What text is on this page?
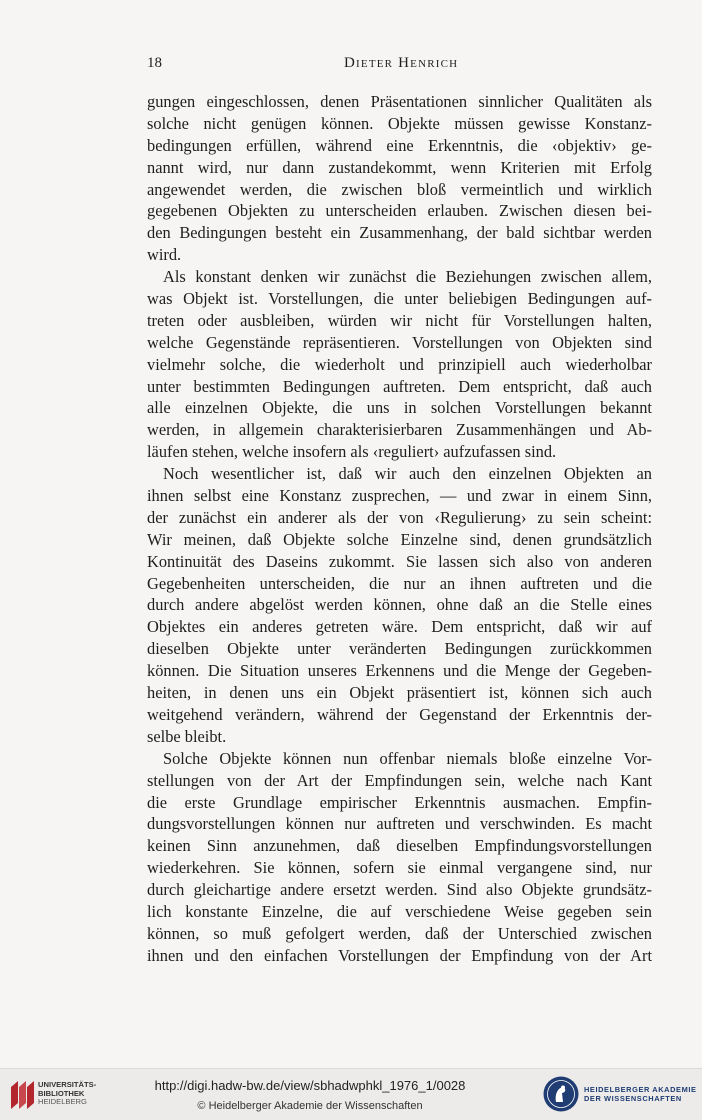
18	Dieter Henrich
gungen eingeschlossen, denen Präsentationen sinnlicher Qualitäten als
solche nicht genügen können. Objekte müssen gewisse Konstanz-
bedingungen erfüllen, während eine Erkenntnis, die ‹objektiv› ge-
nannt wird, nur dann zustandekommt, wenn Kriterien mit Erfolg
angewendet werden, die zwischen bloß vermeintlich und wirklich
gegebenen Objekten zu unterscheiden erlauben. Zwischen diesen bei-
den Bedingungen besteht ein Zusammenhang, der bald sichtbar werden
wird.
Als konstant denken wir zunächst die Beziehungen zwischen allem,
was Objekt ist. Vorstellungen, die unter beliebigen Bedingungen auf-
treten oder ausbleiben, würden wir nicht für Vorstellungen halten,
welche Gegenstände repräsentieren. Vorstellungen von Objekten sind
vielmehr solche, die wiederholt und prinzipiell auch wiederholbar
unter bestimmten Bedingungen auftreten. Dem entspricht, daß auch
alle einzelnen Objekte, die uns in solchen Vorstellungen bekannt
werden, in allgemein charakterisierbaren Zusammenhängen und Ab-
läufen stehen, welche insofern als ‹reguliert› aufzufassen sind.
Noch wesentlicher ist, daß wir auch den einzelnen Objekten an
ihnen selbst eine Konstanz zusprechen, — und zwar in einem Sinn,
der zunächst ein anderer als der von ‹Regulierung› zu sein scheint:
Wir meinen, daß Objekte solche Einzelne sind, denen grundsätzlich
Kontinuität des Daseins zukommt. Sie lassen sich also von anderen
Gegebenheiten unterscheiden, die nur an ihnen auftreten und die
durch andere abgelöst werden können, ohne daß an die Stelle eines
Objektes ein anderes getreten wäre. Dem entspricht, daß wir auf
dieselben Objekte unter veränderten Bedingungen zurückkommen
können. Die Situation unseres Erkennens und die Menge der Gegeben-
heiten, in denen uns ein Objekt präsentiert ist, können sich auch
weitgehend verändern, während der Gegenstand der Erkenntnis der-
selbe bleibt.
Solche Objekte können nun offenbar niemals bloße einzelne Vor-
stellungen von der Art der Empfindungen sein, welche nach Kant
die erste Grundlage empirischer Erkenntnis ausmachen. Empfin-
dungsvorstellungen können nur auftreten und verschwinden. Es macht
keinen Sinn anzunehmen, daß dieselben Empfindungsvorstellungen
wiederkehren. Sie können, sofern sie einmal vergangene sind, nur
durch gleichartige andere ersetzt werden. Sind also Objekte grundsätz-
lich konstante Einzelne, die auf verschiedene Weise gegeben sein
können, so muß gefolgert werden, daß der Unterschied zwischen
ihnen und den einfachen Vorstellungen der Empfindung von der Art
UNIVERSITÄTS-
BIBLIOTHEK
HEIDELBERG
http://digi.hadw-bw.de/view/sbhadwphkl_1976_1/0028
© Heidelberger Akademie der Wissenschaften
HEIDELBERGER AKADEMIE
DER WISSENSCHAFTEN
